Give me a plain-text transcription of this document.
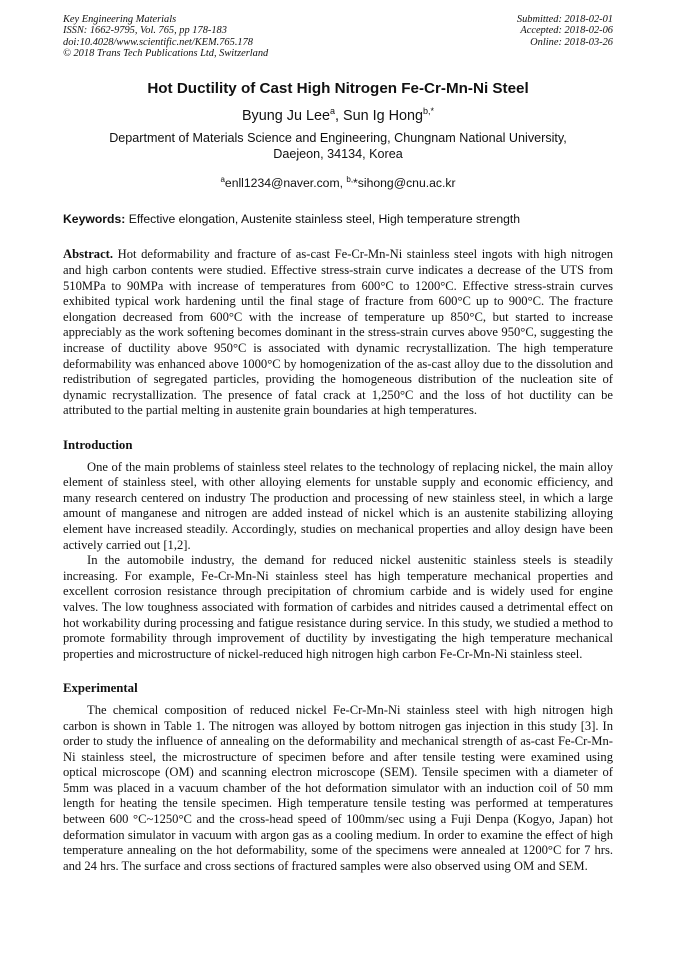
Key Engineering Materials
ISSN: 1662-9795, Vol. 765, pp 178-183
doi:10.4028/www.scientific.net/KEM.765.178
© 2018 Trans Tech Publications Ltd, Switzerland
Submitted: 2018-02-01
Accepted: 2018-02-06
Online: 2018-03-26
Hot Ductility of Cast High Nitrogen Fe-Cr-Mn-Ni Steel
Byung Ju Lee$^a$, Sun Ig Hong$^{b,*}$
Department of Materials Science and Engineering, Chungnam National University,
Daejeon, 34134, Korea
$^a$enll1234@naver.com, $^{b,}$*sihong@cnu.ac.kr
Keywords: Effective elongation, Austenite stainless steel, High temperature strength
Abstract. Hot deformability and fracture of as-cast Fe-Cr-Mn-Ni stainless steel ingots with high nitrogen and high carbon contents were studied. Effective stress-strain curve indicates a decrease of the UTS from 510MPa to 90MPa with increase of temperatures from 600°C to 1200°C. Effective stress-strain curves exhibited typical work hardening until the final stage of fracture from 600°C up to 900°C. The fracture elongation decreased from 600°C with the increase of temperature up 850°C, but started to increase appreciably as the work softening becomes dominant in the stress-strain curves above 950°C, suggesting the increase of ductility above 950°C is associated with dynamic recrystallization. The high temperature deformability was enhanced above 1000°C by homogenization of the as-cast alloy due to the dissolution and redistribution of segregated particles, providing the homogeneous distribution of the nucleation site of dynamic recrystallization. The presence of fatal crack at 1,250°C and the loss of hot ductility can be attributed to the partial melting in austenite grain boundaries at high temperatures.
Introduction

One of the main problems of stainless steel relates to the technology of replacing nickel, the main alloy element of stainless steel, with other alloying elements for unstable supply and economic efficiency, and many research centered on industry The production and processing of new stainless steel, in which a large amount of manganese and nitrogen are added instead of nickel which is an austenite stabilizing alloying element have increased steadily. Accordingly, studies on mechanical properties and alloy design have been actively carried out [1,2].

In the automobile industry, the demand for reduced nickel austenitic stainless steels is steadily increasing. For example, Fe-Cr-Mn-Ni stainless steel has high temperature mechanical properties and excellent corrosion resistance through precipitation of chromium carbide and is widely used for engine valves. The low toughness associated with formation of carbides and nitrides caused a detrimental effect on hot workability during processing and fatigue resistance during service. In this study, we studied a method to promote formability through improvement of ductility by investigating the high temperature mechanical properties and microstructure of nickel-reduced high nitrogen high carbon Fe-Cr-Mn-Ni stainless steel.

Experimental

The chemical composition of reduced nickel Fe-Cr-Mn-Ni stainless steel with high nitrogen high carbon is shown in Table 1. The nitrogen was alloyed by bottom nitrogen gas injection in this study [3]. In order to study the influence of annealing on the deformability and mechanical strength of as-cast Fe-Cr-Mn-Ni stainless steel, the microstructure of specimen before and after tensile testing were examined using optical microscope (OM) and scanning electron microscope (SEM). Tensile specimen with a diameter of 5mm was placed in a vacuum chamber of the hot deformation simulator with an induction coil of 50 mm length for heating the tensile specimen. High temperature tensile testing was performed at temperatures between 600 °C~1250°C and the cross-head speed of 100mm/sec using a Fuji Denpa (Kogyo, Japan) hot deformation simulator in vacuum with argon gas as a cooling medium. In order to examine the effect of high temperature annealing on the hot deformability, some of the specimens were annealed at 1200°C for 7 hrs. and 24 hrs. The surface and cross sections of fractured samples were also observed using OM and SEM.
